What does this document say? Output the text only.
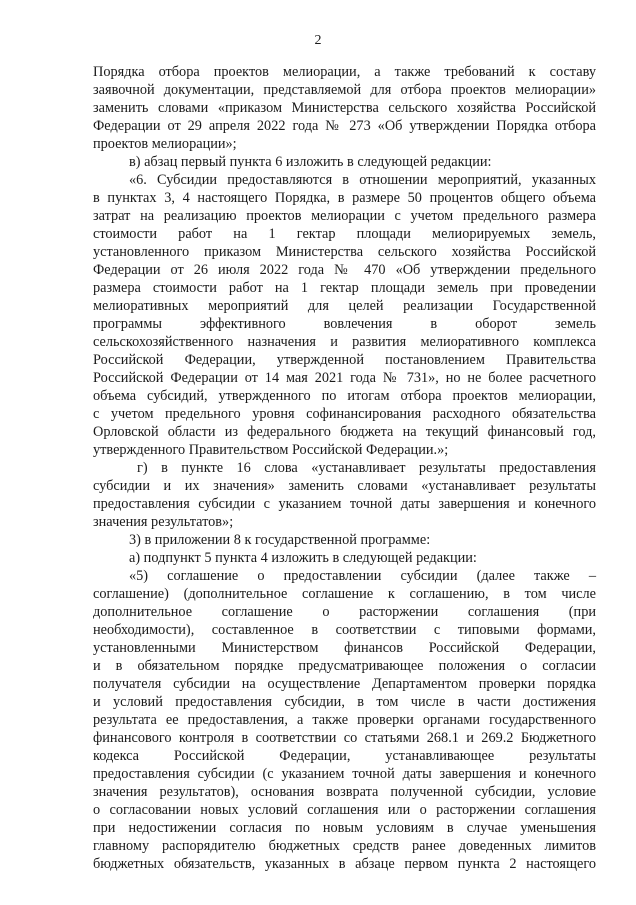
2
Порядка отбора проектов мелиорации, а также требований к составу
заявочной документации, представляемой для отбора проектов мелиорации»
заменить словами «приказом Министерства сельского хозяйства Российской
Федерации от 29 апреля 2022 года № 273 «Об утверждении Порядка отбора
проектов мелиорации»;
в) абзац первый пункта 6 изложить в следующей редакции:
«6. Субсидии предоставляются в отношении мероприятий, указанных
в пунктах 3, 4 настоящего Порядка, в размере 50 процентов общего объема
затрат на реализацию проектов мелиорации с учетом предельного размера
стоимости работ на 1 гектар площади мелиорируемых земель,
установленного приказом Министерства сельского хозяйства Российской
Федерации от 26 июля 2022 года № 470 «Об утверждении предельного
размера стоимости работ на 1 гектар площади земель при проведении
мелиоративных мероприятий для целей реализации Государственной
программы эффективного вовлечения в оборот земель
сельскохозяйственного назначения и развития мелиоративного комплекса
Российской Федерации, утвержденной постановлением Правительства
Российской Федерации от 14 мая 2021 года № 731», но не более расчетного
объема субсидий, утвержденного по итогам отбора проектов мелиорации,
с учетом предельного уровня софинансирования расходного обязательства
Орловской области из федерального бюджета на текущий финансовый год,
утвержденного Правительством Российской Федерации.»;
г) в пункте 16 слова «устанавливает результаты предоставления
субсидии и их значения» заменить словами «устанавливает результаты
предоставления субсидии с указанием точной даты завершения и конечного
значения результатов»;
3) в приложении 8 к государственной программе:
а) подпункт 5 пункта 4 изложить в следующей редакции:
«5) соглашение о предоставлении субсидии (далее также –
соглашение) (дополнительное соглашение к соглашению, в том числе
дополнительное соглашение о расторжении соглашения (при
необходимости), составленное в соответствии с типовыми формами,
установленными Министерством финансов Российской Федерации,
и в обязательном порядке предусматривающее положения о согласии
получателя субсидии на осуществление Департаментом проверки порядка
и условий предоставления субсидии, в том числе в части достижения
результата ее предоставления, а также проверки органами государственного
финансового контроля в соответствии со статьями 268.1 и 269.2 Бюджетного
кодекса Российской Федерации, устанавливающее результаты
предоставления субсидии (с указанием точной даты завершения и конечного
значения результатов), основания возврата полученной субсидии, условие
о согласовании новых условий соглашения или о расторжении соглашения
при недостижении согласия по новым условиям в случае уменьшения
главному распорядителю бюджетных средств ранее доведенных лимитов
бюджетных обязательств, указанных в абзаце первом пункта 2 настоящего
